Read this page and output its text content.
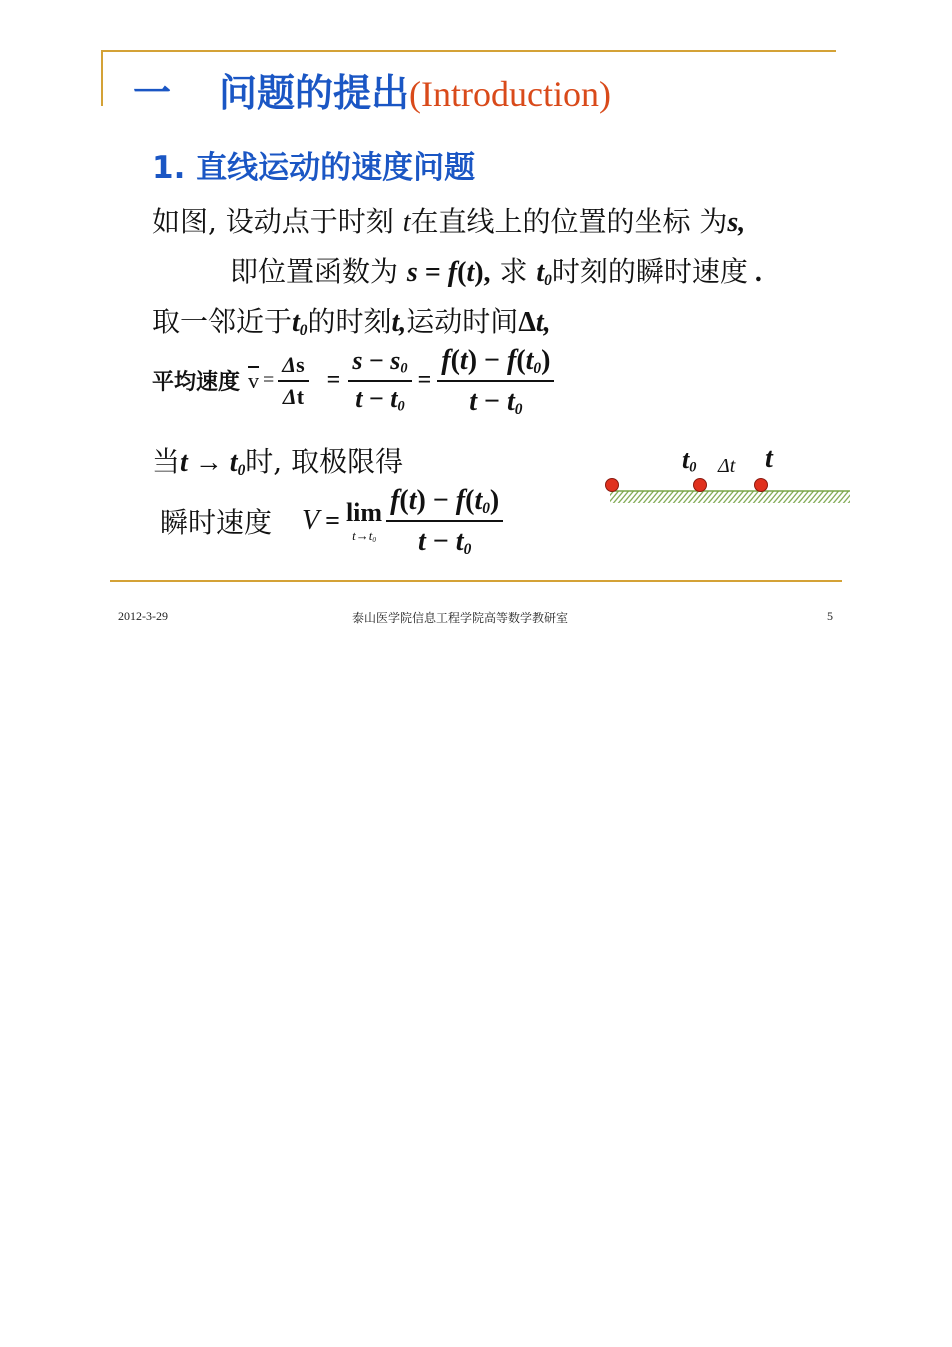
一 问题的提出 (Introduction)
1. 直线运动的速度问题
如图, 设动点于时刻 t在直线上的位置的坐标 为s,
即位置函数为 s = f(t), 求 $t_0$时刻的瞬时速度 .
取一邻近于$t_0$的时刻t,运动时间Δt,
平均速度 $\overline{v} = \frac{\Delta s}{\Delta t} = \frac{s - s_0}{t - t_0} = \frac{f(t) - f(t_0)}{t - t_0}$
当$t \to t_0$时, 取极限得
瞬时速度 V = lim
$t\to t_0 \frac{f(t) - f(t_0)}{t - t_0}$
$t_0$ Δt t
2012-3-29	泰山医学院信息工程学院高等数学教研室	5
